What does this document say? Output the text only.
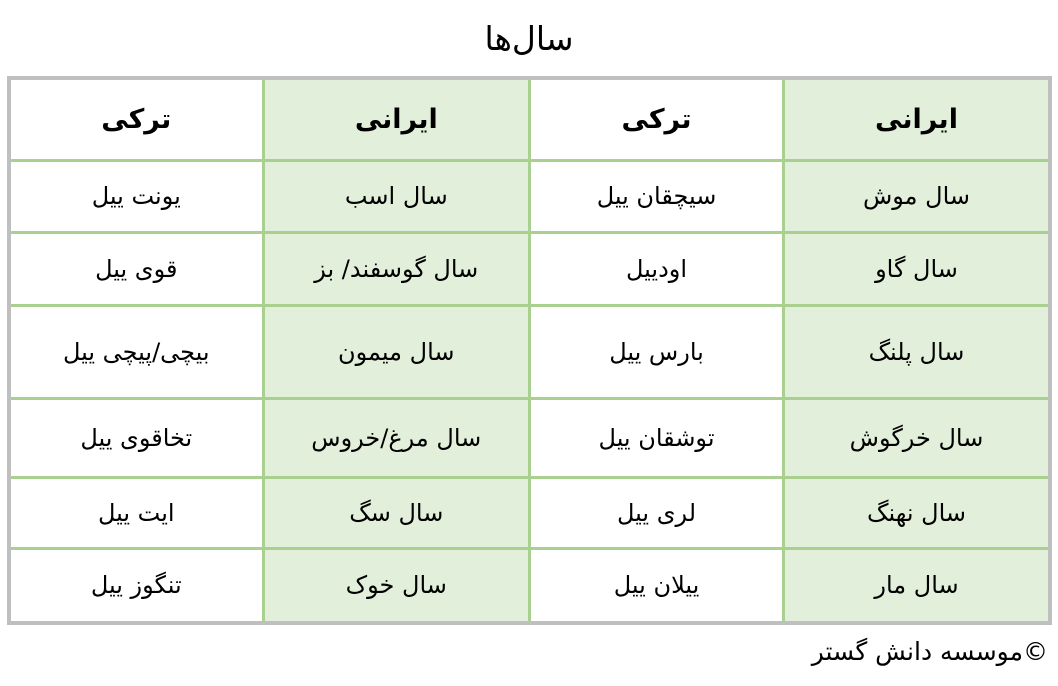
سال‌ها
ایرانی	ترکی	ایرانی	ترکی
سال موش	سیچقان ییل	سال اسب	یونت ییل
سال گاو	اودییل	سال گوسفند/ بز	قوی ییل
سال پلنگ	بارس ییل	سال میمون	بیچی/پیچی ییل
سال خرگوش	توشقان ییل	سال مرغ/خروس	تخاقوی ییل
سال نهنگ	لری ییل	سال سگ	ایت ییل
سال مار	ییلان ییل	سال خوک	تنگوز ییل
©موسسه دانش گستر
